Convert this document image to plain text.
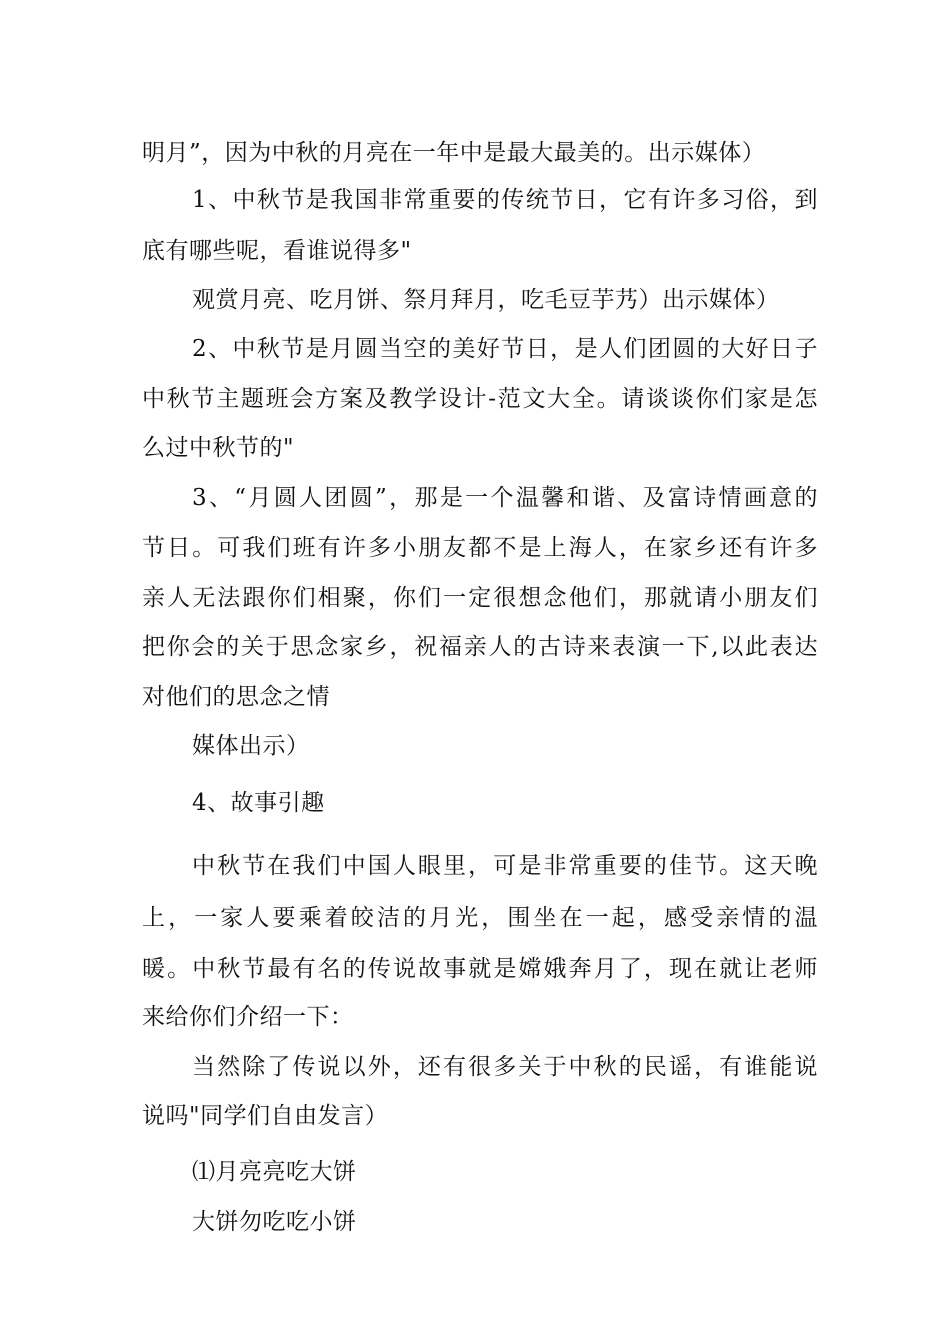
明月”，因为中秋的月亮在一年中是最大最美的。出示媒体）
1、中秋节是我国非常重要的传统节日，它有许多习俗，到
底有哪些呢，看谁说得多"
观赏月亮、吃月饼、祭月拜月，吃毛豆芋艿）出示媒体）
2、中秋节是月圆当空的美好节日，是人们团圆的大好日子
中秋节主题班会方案及教学设计-范文大全。请谈谈你们家是怎
么过中秋节的"
3、“月圆人团圆”，那是一个温馨和谐、及富诗情画意的
节日。可我们班有许多小朋友都不是上海人，在家乡还有许多
亲人无法跟你们相聚，你们一定很想念他们，那就请小朋友们
把你会的关于思念家乡，祝福亲人的古诗来表演一下,以此表达
对他们的思念之情
媒体出示）
4、故事引趣
中秋节在我们中国人眼里，可是非常重要的佳节。这天晚
上，一家人要乘着皎洁的月光，围坐在一起，感受亲情的温
暖。中秋节最有名的传说故事就是嫦娥奔月了，现在就让老师
来给你们介绍一下：
当然除了传说以外，还有很多关于中秋的民谣，有谁能说
说吗"同学们自由发言）
⑴月亮亮吃大饼
大饼勿吃吃小饼
